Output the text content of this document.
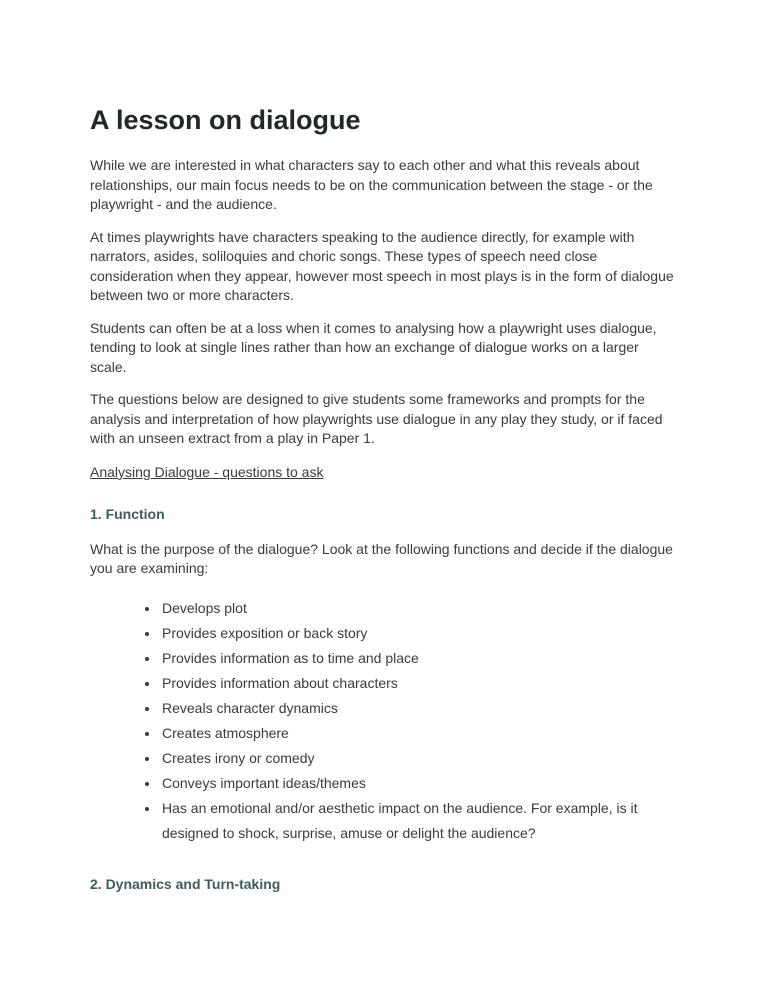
A lesson on dialogue

While we are interested in what characters say to each other and what this reveals about relationships, our main focus needs to be on the communication between the stage - or the playwright - and the audience.

At times playwrights have characters speaking to the audience directly, for example with narrators, asides, soliloquies and choric songs. These types of speech need close consideration when they appear, however most speech in most plays is in the form of dialogue between two or more characters.

Students can often be at a loss when it comes to analysing how a playwright uses dialogue, tending to look at single lines rather than how an exchange of dialogue works on a larger scale.

The questions below are designed to give students some frameworks and prompts for the analysis and interpretation of how playwrights use dialogue in any play they study, or if faced with an unseen extract from a play in Paper 1.

Analysing Dialogue - questions to ask

1. Function

What is the purpose of the dialogue? Look at the following functions and decide if the dialogue you are examining:

• Develops plot
• Provides exposition or back story
• Provides information as to time and place
• Provides information about characters
• Reveals character dynamics
• Creates atmosphere
• Creates irony or comedy
• Conveys important ideas/themes
• Has an emotional and/or aesthetic impact on the audience. For example, is it designed to shock, surprise, amuse or delight the audience?
2. Dynamics and Turn-taking
